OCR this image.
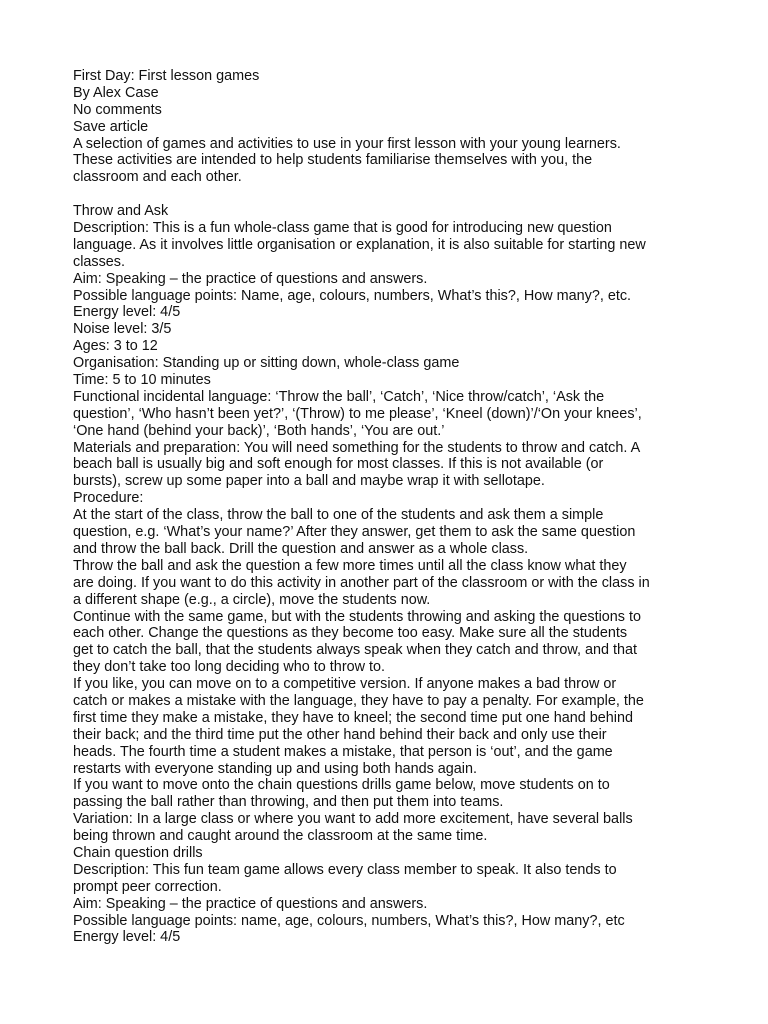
First Day: First lesson games
By Alex Case
No comments
Save article
A selection of games and activities to use in your first lesson with your young learners.
These activities are intended to help students familiarise themselves with you, the
classroom and each other.
Throw and Ask
Description: This is a fun whole-class game that is good for introducing new question
language. As it involves little organisation or explanation, it is also suitable for starting new
classes.
Aim: Speaking – the practice of questions and answers.
Possible language points: Name, age, colours, numbers, What’s this?, How many?, etc.
Energy level: 4/5
Noise level: 3/5
Ages: 3 to 12
Organisation: Standing up or sitting down, whole-class game
Time: 5 to 10 minutes
Functional incidental language: ‘Throw the ball’, ‘Catch’, ‘Nice throw/catch’, ‘Ask the
question’, ‘Who hasn’t been yet?’, ‘(Throw) to me please’, ‘Kneel (down)’/‘On your knees’,
‘One hand (behind your back)’, ‘Both hands’, ‘You are out.’
Materials and preparation: You will need something for the students to throw and catch. A
beach ball is usually big and soft enough for most classes. If this is not available (or
bursts), screw up some paper into a ball and maybe wrap it with sellotape.
Procedure:
At the start of the class, throw the ball to one of the students and ask them a simple
question, e.g. ‘What’s your name?’ After they answer, get them to ask the same question
and throw the ball back. Drill the question and answer as a whole class.
Throw the ball and ask the question a few more times until all the class know what they
are doing. If you want to do this activity in another part of the classroom or with the class in
a different shape (e.g., a circle), move the students now.
Continue with the same game, but with the students throwing and asking the questions to
each other. Change the questions as they become too easy. Make sure all the students
get to catch the ball, that the students always speak when they catch and throw, and that
they don’t take too long deciding who to throw to.
If you like, you can move on to a competitive version. If anyone makes a bad throw or
catch or makes a mistake with the language, they have to pay a penalty. For example, the
first time they make a mistake, they have to kneel; the second time put one hand behind
their back; and the third time put the other hand behind their back and only use their
heads. The fourth time a student makes a mistake, that person is ‘out’, and the game
restarts with everyone standing up and using both hands again.
If you want to move onto the chain questions drills game below, move students on to
passing the ball rather than throwing, and then put them into teams.
Variation: In a large class or where you want to add more excitement, have several balls
being thrown and caught around the classroom at the same time.
Chain question drills
Description: This fun team game allows every class member to speak. It also tends to
prompt peer correction.
Aim: Speaking – the practice of questions and answers.
Possible language points: name, age, colours, numbers, What’s this?, How many?, etc
Energy level: 4/5
